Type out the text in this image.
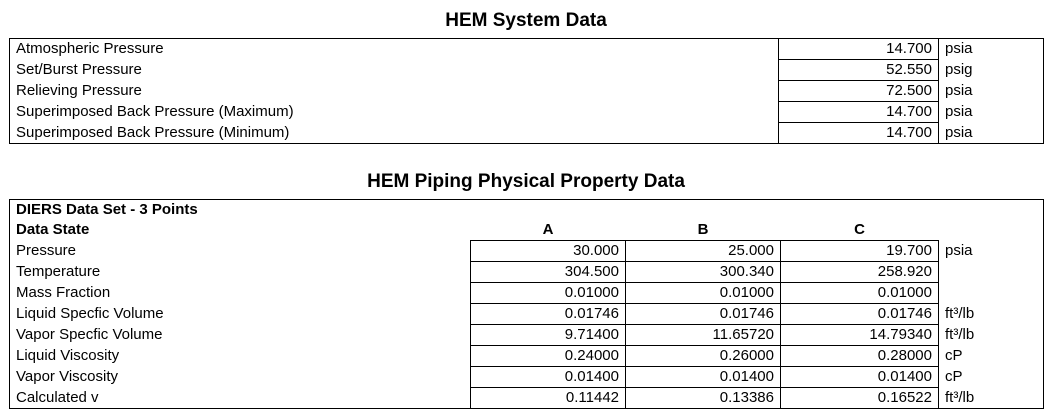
HEM System Data
Atmospheric Pressure	14.700	psia
Set/Burst Pressure	52.550	psig
Relieving Pressure	72.500	psia
Superimposed Back Pressure (Maximum)	14.700	psia
Superimposed Back Pressure (Minimum)	14.700	psia
HEM Piping Physical Property Data
DIERS Data Set - 3 Points				
Data State	A	B	C	
Pressure	30.000	25.000	19.700	psia
Temperature	304.500	300.340	258.920	
Mass Fraction	0.01000	0.01000	0.01000	
Liquid Specfic Volume	0.01746	0.01746	0.01746	ft³/lb
Vapor Specfic Volume	9.71400	11.65720	14.79340	ft³/lb
Liquid Viscosity	0.24000	0.26000	0.28000	cP
Vapor Viscosity	0.01400	0.01400	0.01400	cP
Calculated v	0.11442	0.13386	0.16522	ft³/lb
